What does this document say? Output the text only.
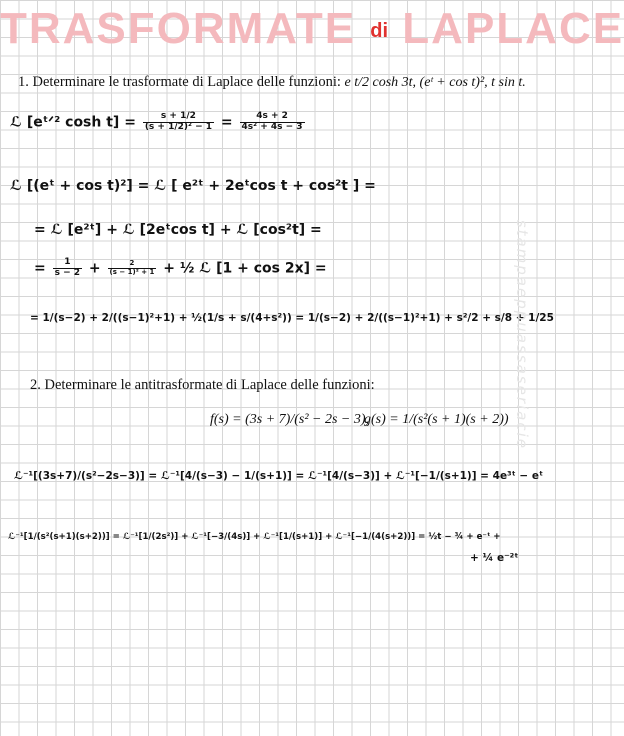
TRASFORMATE di LAPLACE
1. Determinare le trasformate di Laplace delle funzioni: e t/2 cosh 3t, (eᵗ + cos t)², t sin t.
ℒ [eᵗᐟ² $\cosh t] = \frac{s + 1/2}{\text{(s + 1/2)² − 1}} = \frac{4s + 2}{\text{4s² + 4s − 3}}$
ℒ [(eᵗ + cos t)²] = ℒ [ e²ᵗ + 2eᵗcos t + cos²t ] =
= ℒ [e²ᵗ] + ℒ [2eᵗcos t] + ℒ [cos²t] =
= $\frac{1}{s - 2} + \frac{2}{\text{(s − 1)² + 1}}$ + ½ ℒ [1 + cos 2x] =
= 1/(s−2) + 2/((s−1)²+1) + ½(1/s + s/(4+s²)) = 1/(s−2) + 2/((s−1)²+1) + s²/2 + s/8 + 1/25
2. Determinare le antitrasformate di Laplace delle funzioni:
f(s) = (3s + 7)/(s² − 2s − 3),
g(s) = 1/(s²(s + 1)(s + 2))
ℒ⁻¹[(3s+7)/(s²−2s−3)] = ℒ⁻¹[4/(s−3) − 1/(s+1)] = ℒ⁻¹[4/(s−3)] + ℒ⁻¹[−1/(s+1)] = 4e³ᵗ − eᵗ
ℒ⁻¹[1/(s²(s+1)(s+2))] = ℒ⁻¹[1/(2s²)] + ℒ⁻¹[−3/(4s)] + ℒ⁻¹[1/(s+1)] + ℒ⁻¹[−1/(4(s+2))] = ½t − ¾ + e⁻ᵗ +
+ ¼ e⁻²ᵗ
stampaeppuassaseriacie
